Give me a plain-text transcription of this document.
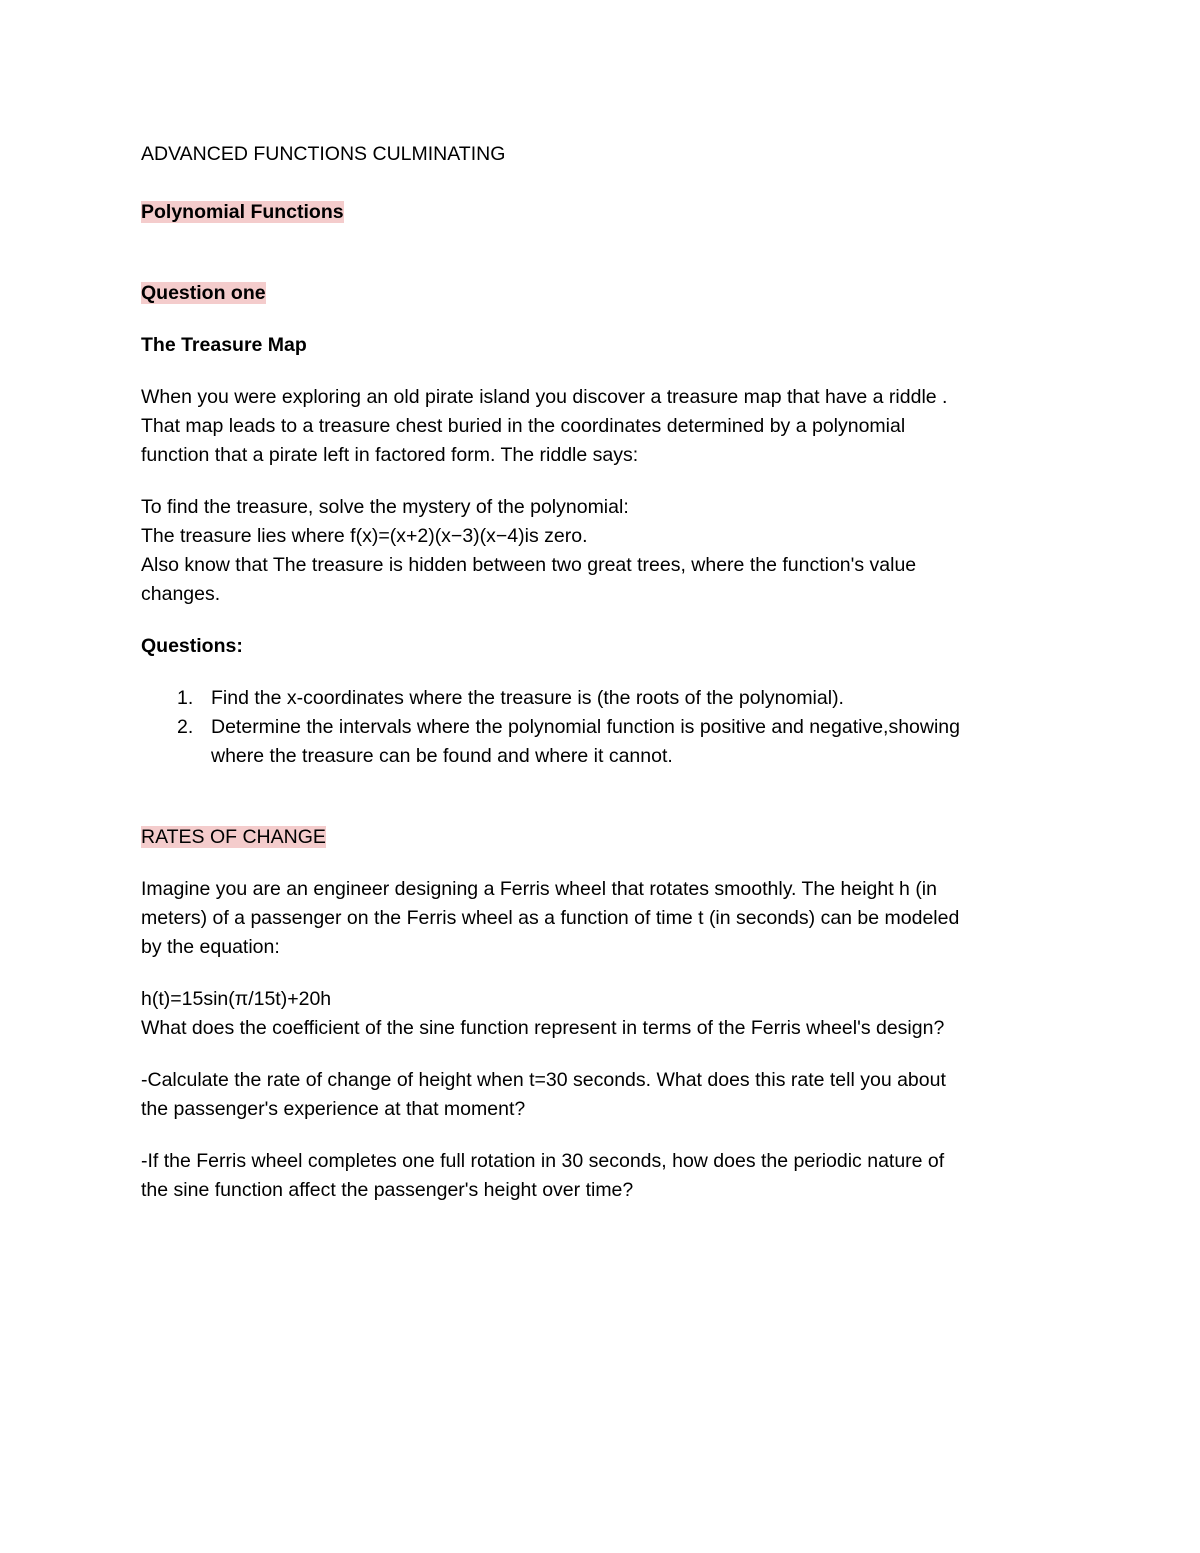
ADVANCED FUNCTIONS CULMINATING

Polynomial Functions

Question one

The Treasure Map

When you were exploring an old pirate island you discover a treasure map that have a riddle .
That map leads to a treasure chest buried in the coordinates determined by a polynomial
function that a pirate left in factored form. The riddle says:

To find the treasure, solve the mystery of the polynomial:
The treasure lies where f(x)=(x+2)(x−3)(x−4)is zero.
Also know that The treasure is hidden between two great trees, where the function's value
changes.

Questions:

1. Find the x-coordinates where the treasure is (the roots of the polynomial).
2. Determine the intervals where the polynomial function is positive and negative,showing
where the treasure can be found and where it cannot.

RATES OF CHANGE

Imagine you are an engineer designing a Ferris wheel that rotates smoothly. The height h (in
meters) of a passenger on the Ferris wheel as a function of time t (in seconds) can be modeled
by the equation:

h(t)=15sin(π/15t)+20h
What does the coefficient of the sine function represent in terms of the Ferris wheel's design?

-Calculate the rate of change of height when t=30 seconds. What does this rate tell you about
the passenger's experience at that moment?

-If the Ferris wheel completes one full rotation in 30 seconds, how does the periodic nature of
the sine function affect the passenger's height over time?
